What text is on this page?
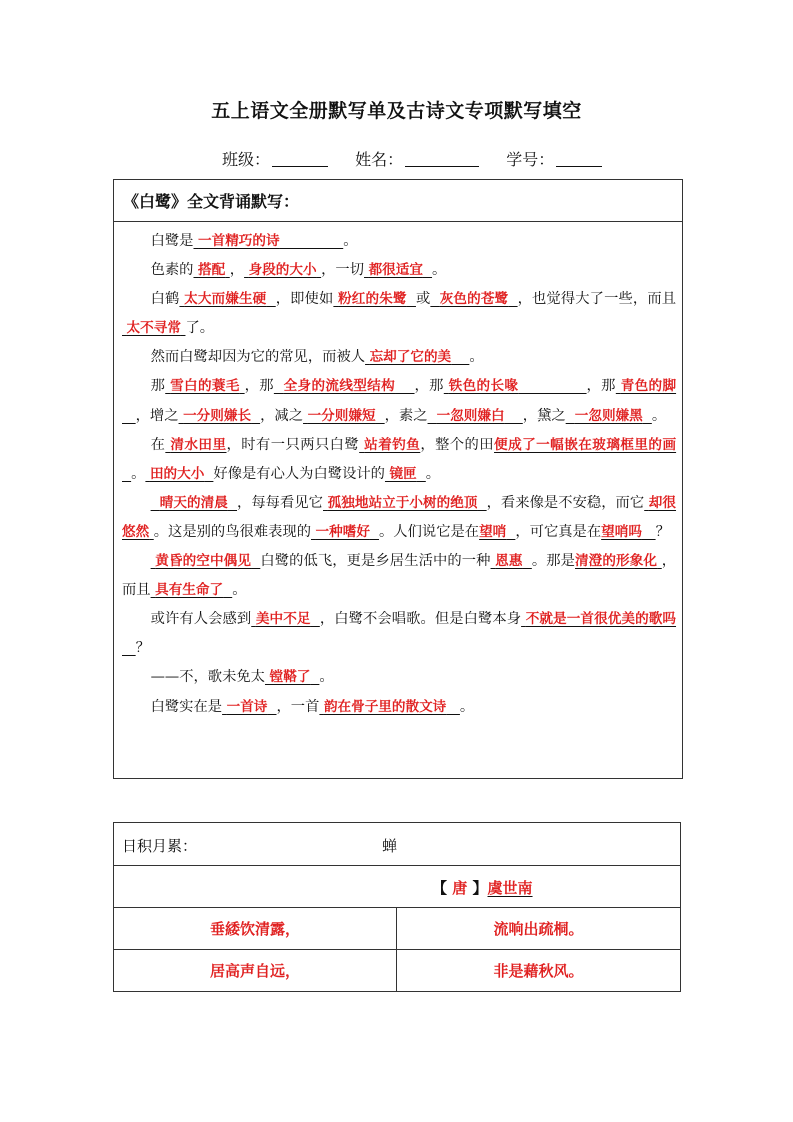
五上语文全册默写单及古诗文专项默写填空
班级：	姓名：	学号：
《白鹭》全文背诵默写：

白鹭是 一首精巧的诗	。

色素的 搭配 ， 身段的大小 ，一切 都很适宜 。

白鹤 太大而嫌生硬 ，即使如 粉红的朱鹭 或 灰色的苍鹭 ，也觉得大了一些，而且 太不寻常 了。

然而白鹭却因为它的常见，而被人 忘却了它的美 。

那 雪白的蓑毛 ，那 全身的流线型结构 ，那 铁色的长喙	，那 青色的脚   ，增之 一分则嫌长 ，减之 一分则嫌短 ，素之 一忽则嫌白 ，黛之 一忽则嫌黑 。

在 清水田里，时有一只两只白鹭 站着钓鱼，整个的田便成了一幅嵌在玻璃框里的画  。 田的大小 好像是有心人为白鹭设计的 镜匣 。

晴天的清晨 ，每每看见它 孤独地站立于小树的绝顶 ，看来像是不安稳，而它 却很悠然 。这是别的鸟很难表现的 一种嗜好 。人们说它是在望哨 ，可它真是在望哨吗 ？

黄昏的空中偶见 白鹭的低飞，更是乡居生活中的一种 恩惠 。那是清澄的形象化 ，而且 具有生命了 。

或许有人会感到 美中不足 ，白鹭不会唱歌。但是白鹭本身 不就是一首很优美的歌吗   ？

——不，歌未免太 镗鞳了 。

白鹭实在是 一首诗 ，一首 韵在骨子里的散文诗 。

日积月累：	蝉
【 唐 】虞世南
垂緌饮清露，	流响出疏桐。
居高声自远，	非是藉秋风。
